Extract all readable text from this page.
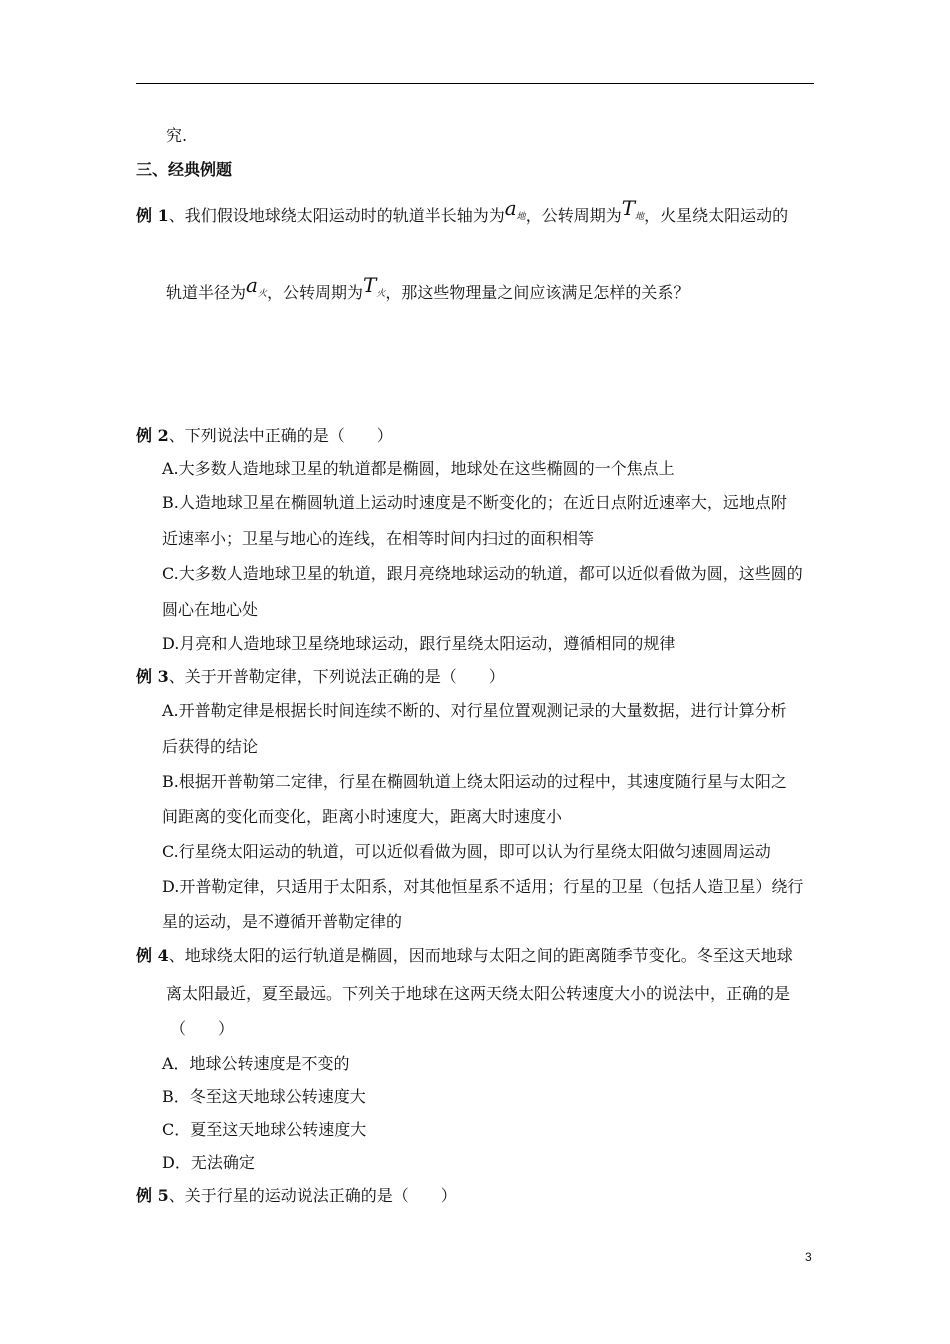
究.
三、经典例题
例 1、我们假设地球绕太阳运动时的轨道半长轴为为a地，公转周期为T地，火星绕太阳运动的
轨道半径为a火，公转周期为T火，那这些物理量之间应该满足怎样的关系？
例 2、下列说法中正确的是（　　）
A.大多数人造地球卫星的轨道都是椭圆，地球处在这些椭圆的一个焦点上
B.人造地球卫星在椭圆轨道上运动时速度是不断变化的；在近日点附近速率大，远地点附
近速率小；卫星与地心的连线，在相等时间内扫过的面积相等
C.大多数人造地球卫星的轨道，跟月亮绕地球运动的轨道，都可以近似看做为圆，这些圆的
圆心在地心处
D.月亮和人造地球卫星绕地球运动，跟行星绕太阳运动，遵循相同的规律
例 3、关于开普勒定律，下列说法正确的是（　　）
A.开普勒定律是根据长时间连续不断的、对行星位置观测记录的大量数据，进行计算分析
后获得的结论
B.根据开普勒第二定律，行星在椭圆轨道上绕太阳运动的过程中，其速度随行星与太阳之
间距离的变化而变化，距离小时速度大，距离大时速度小
C.行星绕太阳运动的轨道，可以近似看做为圆，即可以认为行星绕太阳做匀速圆周运动
D.开普勒定律，只适用于太阳系，对其他恒星系不适用；行星的卫星（包括人造卫星）绕行
星的运动，是不遵循开普勒定律的
例 4、地球绕太阳的运行轨道是椭圆，因而地球与太阳之间的距离随季节变化。冬至这天地球
离太阳最近，夏至最远。下列关于地球在这两天绕太阳公转速度大小的说法中，正确的是
（　　）
A．地球公转速度是不变的
B．冬至这天地球公转速度大
C．夏至这天地球公转速度大
D．无法确定
例 5、关于行星的运动说法正确的是（　　）
3
